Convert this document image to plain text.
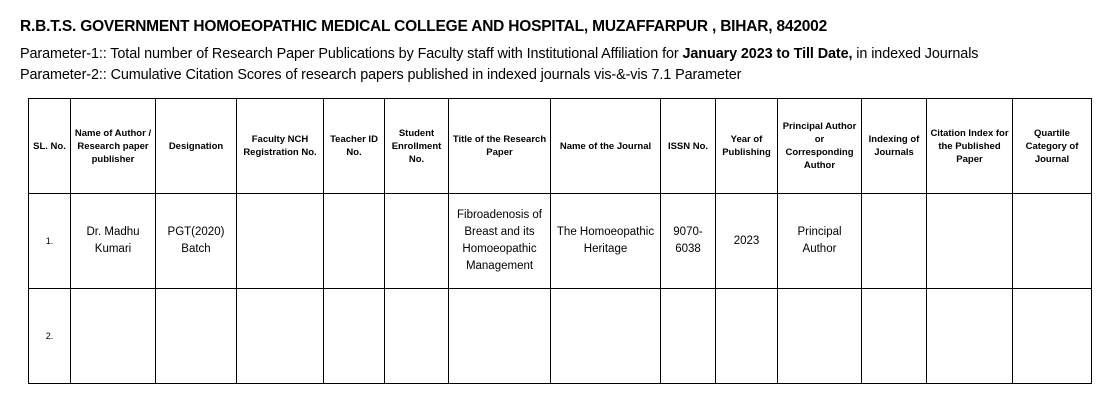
R.B.T.S. GOVERNMENT HOMOEOPATHIC MEDICAL COLLEGE AND HOSPITAL, MUZAFFARPUR , BIHAR, 842002
Parameter-1:: Total number of Research Paper Publications by Faculty staff with Institutional Affiliation for January 2023 to Till Date, in indexed Journals
Parameter-2:: Cumulative Citation Scores of research papers published in indexed journals vis-&-vis 7.1 Parameter
SL. No.	Name of Author / Research paper publisher	Designation	Faculty NCH Registration No.	Teacher ID No.	Student Enrollment No.	Title of the Research Paper	Name of the Journal	ISSN No.	Year of Publishing	Principal Author or Corresponding Author	Indexing of Journals	Citation Index for the Published Paper	Quartile Category of Journal
1.	Dr. Madhu Kumari	PGT(2020) Batch				Fibroadenosis of Breast and its Homoeopathic Management	The Homoeopathic Heritage	9070-6038	2023	Principal Author			
2.													
